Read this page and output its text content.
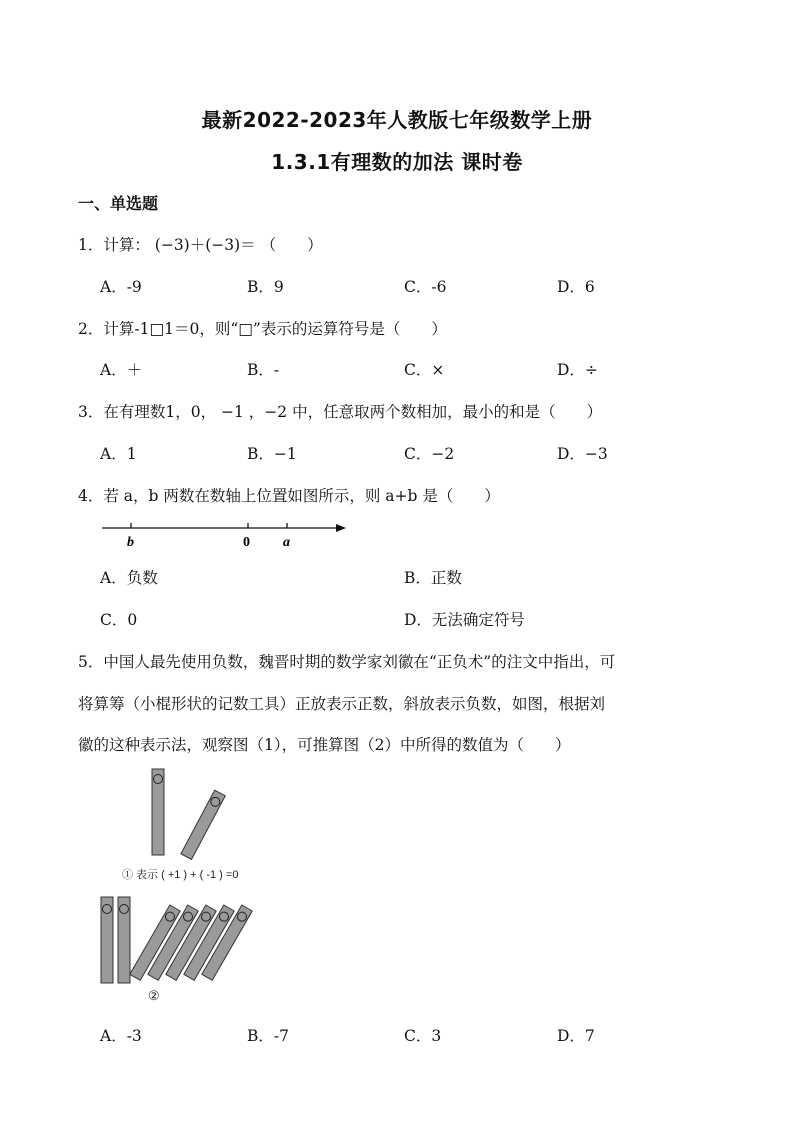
最新2022-2023年人教版七年级数学上册
1.3.1有理数的加法 课时卷
一、单选题
1．计算： (−3)＋(−3)＝ （　　）
A．-9	B．9	C．-6	D．6
2．计算-1□1＝0，则“□”表示的运算符号是（　　）
A．＋	B．-	C．×	D．÷
3．在有理数1，0， −1 ，−2 中，任意取两个数相加，最小的和是（　　）
A．1	B．−1	C．−2	D．−3
4．若 a，b 两数在数轴上位置如图所示，则 a+b 是（　　）
b	0 a
A．负数	B．正数
C．0	D．无法确定符号
5．中国人最先使用负数，魏晋时期的数学家刘徽在“正负术”的注文中指出，可
将算筹（小棍形状的记数工具）正放表示正数，斜放表示负数，如图，根据刘
徽的这种表示法，观察图（1），可推算图（2）中所得的数值为（　　）
① 表示 ( +1 ) + ( -1 ) =0
②
A．-3	B．-7	C．3	D．7
